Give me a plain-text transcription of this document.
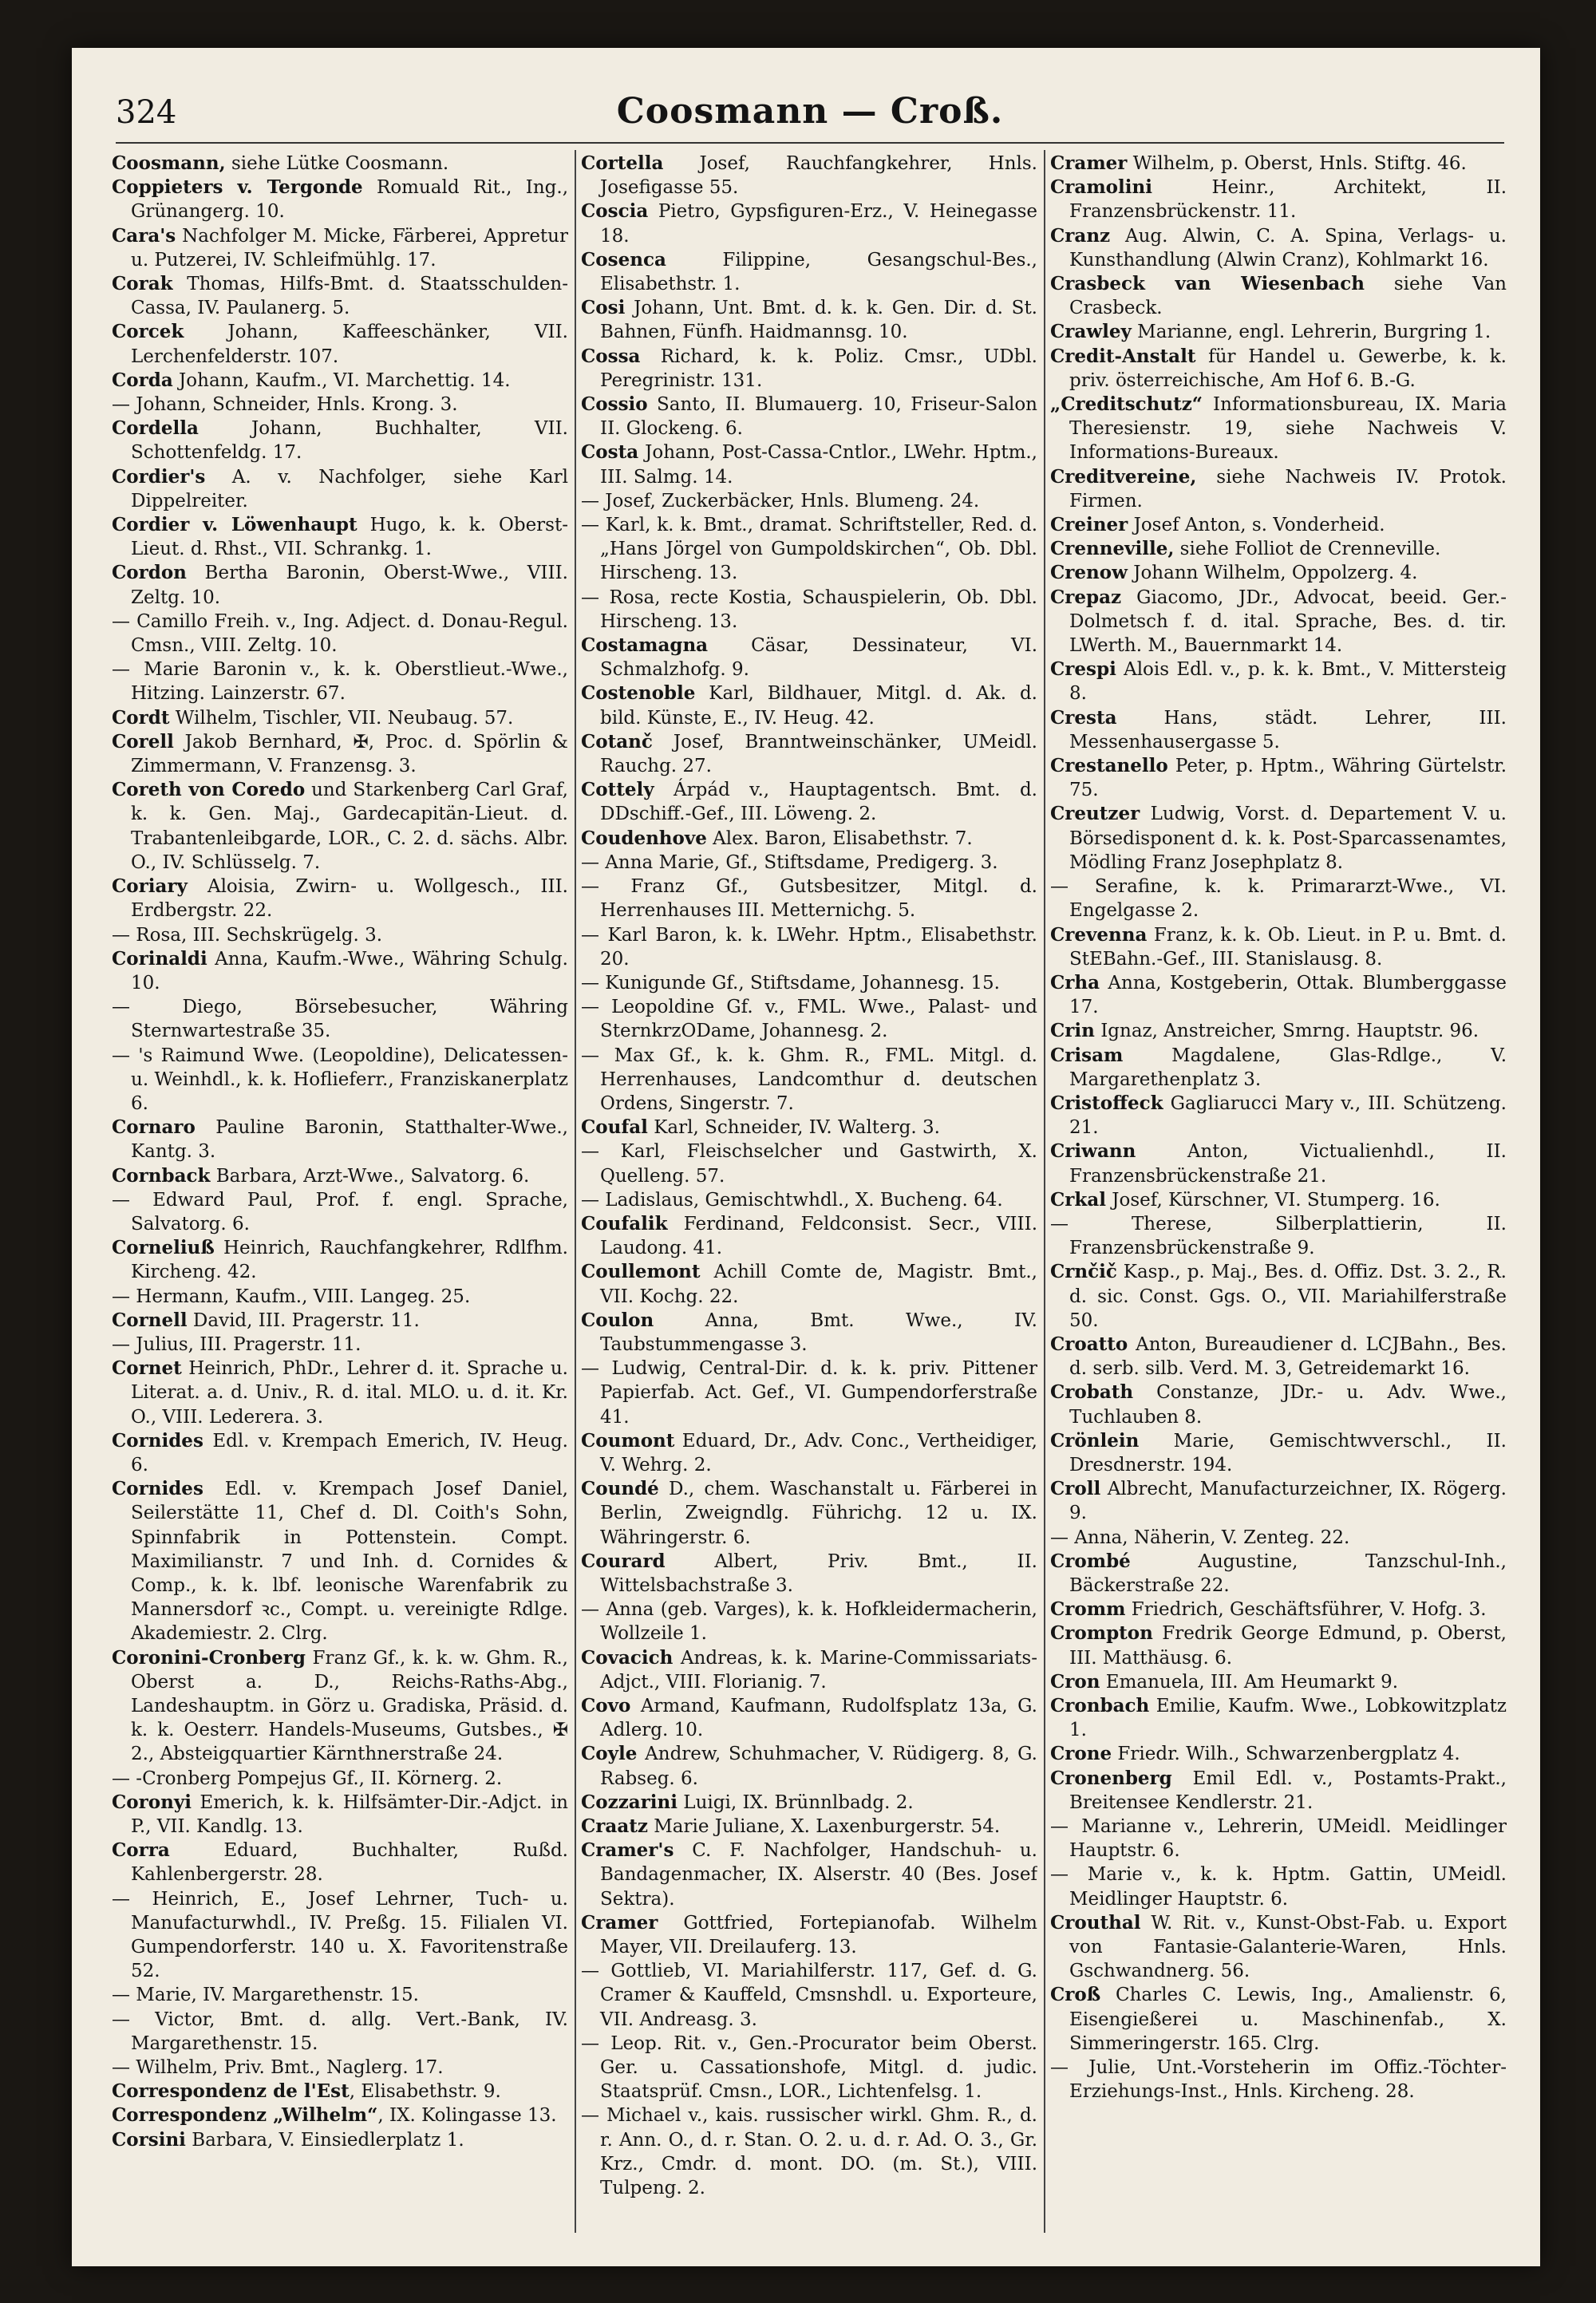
324	Coosmann — Croß.

Coosmann, siehe Lütke Coosmann.

Coppieters v. Tergonde Romuald Rit., Ing., Grünangerg. 10.

Cara's Nachfolger M. Micke, Färberei, Appretur u. Putzerei, IV. Schleifmühlg. 17.

Corak Thomas, Hilfs-Bmt. d. Staatsschulden-Cassa, IV. Paulanerg. 5.

Corcek Johann, Kaffeeschänker, VII. Lerchenfelderstr. 107.

Corda Johann, Kaufm., VI. Marchettig. 14.

— Johann, Schneider, Hnls. Krong. 3.

Cordella Johann, Buchhalter, VII. Schottenfeldg. 17.

Cordier's A. v. Nachfolger, siehe Karl Dippelreiter.

Cordier v. Löwenhaupt Hugo, k. k. Oberst-Lieut. d. Rhst., VII. Schrankg. 1.

Cordon Bertha Baronin, Oberst-Wwe., VIII. Zeltg. 10.

— Camillo Freih. v., Ing. Adject. d. Donau-Regul. Cmsn., VIII. Zeltg. 10.

— Marie Baronin v., k. k. Oberstlieut.-Wwe., Hitzing. Lainzerstr. 67.

Cordt Wilhelm, Tischler, VII. Neubaug. 57.

Corell Jakob Bernhard, ✠, Proc. d. Spörlin & Zimmermann, V. Franzensg. 3.

Coreth von Coredo und Starkenberg Carl Graf, k. k. Gen. Maj., Gardecapitän-Lieut. d. Trabantenleibgarde, LOR., C. 2. d. sächs. Albr. O., IV. Schlüsselg. 7.

Coriary Aloisia, Zwirn- u. Wollgesch., III. Erdbergstr. 22.

— Rosa, III. Sechskrügelg. 3.

Corinaldi Anna, Kaufm.-Wwe., Währing Schulg. 10.

— Diego, Börsebesucher, Währing Sternwartestraße 35.

— 's Raimund Wwe. (Leopoldine), Delicatessen- u. Weinhdl., k. k. Hoflieferr., Franziskanerplatz 6.

Cornaro Pauline Baronin, Statthalter-Wwe., Kantg. 3.

Cornback Barbara, Arzt-Wwe., Salvatorg. 6.

— Edward Paul, Prof. f. engl. Sprache, Salvatorg. 6.

Corneliuß Heinrich, Rauchfangkehrer, Rdlfhm. Kircheng. 42.

— Hermann, Kaufm., VIII. Langeg. 25.

Cornell David, III. Pragerstr. 11.

— Julius, III. Pragerstr. 11.

Cornet Heinrich, PhDr., Lehrer d. it. Sprache u. Literat. a. d. Univ., R. d. ital. MLO. u. d. it. Kr. O., VIII. Lederera. 3.

Cornides Edl. v. Krempach Emerich, IV. Heug. 6.

Cornides Edl. v. Krempach Josef Daniel, Seilerstätte 11, Chef d. Dl. Coith's Sohn, Spinnfabrik in Pottenstein. Compt. Maximilianstr. 7 und Inh. d. Cornides & Comp., k. k. lbf. leonische Warenfabrik zu Mannersdorf ꝛc., Compt. u. vereinigte Rdlge. Akademiestr. 2. Clrg.

Coronini-Cronberg Franz Gf., k. k. w. Ghm. R., Oberst a. D., Reichs-Raths-Abg., Landeshauptm. in Görz u. Gradiska, Präsid. d. k. k. Oesterr. Handels-Museums, Gutsbes., ✠ 2., Absteigquartier Kärnthnerstraße 24.

— -Cronberg Pompejus Gf., II. Körnerg. 2.

Coronyi Emerich, k. k. Hilfsämter-Dir.-Adjct. in P., VII. Kandlg. 13.

Corra Eduard, Buchhalter, Rußd. Kahlenbergerstr. 28.

— Heinrich, E., Josef Lehrner, Tuch- u. Manufacturwhdl., IV. Preßg. 15. Filialen VI. Gumpendorferstr. 140 u. X. Favoritenstraße 52.

— Marie, IV. Margarethenstr. 15.

— Victor, Bmt. d. allg. Vert.-Bank, IV. Margarethenstr. 15.

— Wilhelm, Priv. Bmt., Naglerg. 17.

Correspondenz de l'Est, Elisabethstr. 9.

Correspondenz „Wilhelm“, IX. Kolingasse 13.

Corsini Barbara, V. Einsiedlerplatz 1.

Cortella Josef, Rauchfangkehrer, Hnls. Josefigasse 55.

Coscia Pietro, Gypsfiguren-Erz., V. Heinegasse 18.

Cosenca Filippine, Gesangschul-Bes., Elisabethstr. 1.

Cosi Johann, Unt. Bmt. d. k. k. Gen. Dir. d. St. Bahnen, Fünfh. Haidmannsg. 10.

Cossa Richard, k. k. Poliz. Cmsr., UDbl. Peregrinistr. 131.

Cossio Santo, II. Blumauerg. 10, Friseur-Salon II. Glockeng. 6.

Costa Johann, Post-Cassa-Cntlor., LWehr. Hptm., III. Salmg. 14.

— Josef, Zuckerbäcker, Hnls. Blumeng. 24.

— Karl, k. k. Bmt., dramat. Schriftsteller, Red. d. „Hans Jörgel von Gumpoldskirchen“, Ob. Dbl. Hirscheng. 13.

— Rosa, recte Kostia, Schauspielerin, Ob. Dbl. Hirscheng. 13.

Costamagna Cäsar, Dessinateur, VI. Schmalzhofg. 9.

Costenoble Karl, Bildhauer, Mitgl. d. Ak. d. bild. Künste, E., IV. Heug. 42.

Cotanč Josef, Branntweinschänker, UMeidl. Rauchg. 27.

Cottely Árpád v., Hauptagentsch. Bmt. d. DDschiff.-Gef., III. Löweng. 2.

Coudenhove Alex. Baron, Elisabethstr. 7.

— Anna Marie, Gf., Stiftsdame, Predigerg. 3.

— Franz Gf., Gutsbesitzer, Mitgl. d. Herrenhauses III. Metternichg. 5.

— Karl Baron, k. k. LWehr. Hptm., Elisabethstr. 20.

— Kunigunde Gf., Stiftsdame, Johannesg. 15.

— Leopoldine Gf. v., FML. Wwe., Palast- und SternkrzODame, Johannesg. 2.

— Max Gf., k. k. Ghm. R., FML. Mitgl. d. Herrenhauses, Landcomthur d. deutschen Ordens, Singerstr. 7.

Coufal Karl, Schneider, IV. Walterg. 3.

— Karl, Fleischselcher und Gastwirth, X. Quelleng. 57.

— Ladislaus, Gemischtwhdl., X. Bucheng. 64.

Coufalik Ferdinand, Feldconsist. Secr., VIII. Laudong. 41.

Coullemont Achill Comte de, Magistr. Bmt., VII. Kochg. 22.

Coulon Anna, Bmt. Wwe., IV. Taubstummengasse 3.

— Ludwig, Central-Dir. d. k. k. priv. Pittener Papierfab. Act. Gef., VI. Gumpendorferstraße 41.

Coumont Eduard, Dr., Adv. Conc., Vertheidiger, V. Wehrg. 2.

Coundé D., chem. Waschanstalt u. Färberei in Berlin, Zweigndlg. Führichg. 12 u. IX. Währingerstr. 6.

Courard Albert, Priv. Bmt., II. Wittelsbachstraße 3.

— Anna (geb. Varges), k. k. Hofkleidermacherin, Wollzeile 1.

Covacich Andreas, k. k. Marine-Commissariats-Adjct., VIII. Florianig. 7.

Covo Armand, Kaufmann, Rudolfsplatz 13a, G. Adlerg. 10.

Coyle Andrew, Schuhmacher, V. Rüdigerg. 8, G. Rabseg. 6.

Cozzarini Luigi, IX. Brünnlbadg. 2.

Craatz Marie Juliane, X. Laxenburgerstr. 54.

Cramer's C. F. Nachfolger, Handschuh- u. Bandagenmacher, IX. Alserstr. 40 (Bes. Josef Sektra).

Cramer Gottfried, Fortepianofab. Wilhelm Mayer, VII. Dreilauferg. 13.

— Gottlieb, VI. Mariahilferstr. 117, Gef. d. G. Cramer & Kauffeld, Cmsnshdl. u. Exporteure, VII. Andreasg. 3.

— Leop. Rit. v., Gen.-Procurator beim Oberst. Ger. u. Cassationshofe, Mitgl. d. judic. Staatsprüf. Cmsn., LOR., Lichtenfelsg. 1.

— Michael v., kais. russischer wirkl. Ghm. R., d. r. Ann. O., d. r. Stan. O. 2. u. d. r. Ad. O. 3., Gr. Krz., Cmdr. d. mont. DO. (m. St.), VIII. Tulpeng. 2.

Cramer Wilhelm, p. Oberst, Hnls. Stiftg. 46.

Cramolini Heinr., Architekt, II. Franzensbrückenstr. 11.

Cranz Aug. Alwin, C. A. Spina, Verlags- u. Kunsthandlung (Alwin Cranz), Kohlmarkt 16.

Crasbeck van Wiesenbach siehe Van Crasbeck.

Crawley Marianne, engl. Lehrerin, Burgring 1.

Credit-Anstalt für Handel u. Gewerbe, k. k. priv. österreichische, Am Hof 6. B.-G.

„Creditschutz“ Informationsbureau, IX. Maria Theresienstr. 19, siehe Nachweis V. Informations-Bureaux.

Creditvereine, siehe Nachweis IV. Protok. Firmen.

Creiner Josef Anton, s. Vonderheid.

Crenneville, siehe Folliot de Crenneville.

Crenow Johann Wilhelm, Oppolzerg. 4.

Crepaz Giacomo, JDr., Advocat, beeid. Ger.-Dolmetsch f. d. ital. Sprache, Bes. d. tir. LWerth. M., Bauernmarkt 14.

Crespi Alois Edl. v., p. k. k. Bmt., V. Mittersteig 8.

Cresta Hans, städt. Lehrer, III. Messenhausergasse 5.

Crestanello Peter, p. Hptm., Währing Gürtelstr. 75.

Creutzer Ludwig, Vorst. d. Departement V. u. Börsedisponent d. k. k. Post-Sparcassenamtes, Mödling Franz Josephplatz 8.

— Serafine, k. k. Primararzt-Wwe., VI. Engelgasse 2.

Crevenna Franz, k. k. Ob. Lieut. in P. u. Bmt. d. StEBahn.-Gef., III. Stanislausg. 8.

Crha Anna, Kostgeberin, Ottak. Blumberggasse 17.

Crin Ignaz, Anstreicher, Smrng. Hauptstr. 96.

Crisam Magdalene, Glas-Rdlge., V. Margarethenplatz 3.

Cristoffeck Gagliarucci Mary v., III. Schützeng. 21.

Criwann Anton, Victualienhdl., II. Franzensbrückenstraße 21.

Crkal Josef, Kürschner, VI. Stumperg. 16.

— Therese, Silberplattierin, II. Franzensbrückenstraße 9.

Crnčič Kasp., p. Maj., Bes. d. Offiz. Dst. 3. 2., R. d. sic. Const. Ggs. O., VII. Mariahilferstraße 50.

Croatto Anton, Bureaudiener d. LCJBahn., Bes. d. serb. silb. Verd. M. 3, Getreidemarkt 16.

Crobath Constanze, JDr.- u. Adv. Wwe., Tuchlauben 8.

Crönlein Marie, Gemischtwverschl., II. Dresdnerstr. 194.

Croll Albrecht, Manufacturzeichner, IX. Rögerg. 9.

— Anna, Näherin, V. Zenteg. 22.

Crombé Augustine, Tanzschul-Inh., Bäckerstraße 22.

Cromm Friedrich, Geschäftsführer, V. Hofg. 3.

Crompton Fredrik George Edmund, p. Oberst, III. Matthäusg. 6.

Cron Emanuela, III. Am Heumarkt 9.

Cronbach Emilie, Kaufm. Wwe., Lobkowitzplatz 1.

Crone Friedr. Wilh., Schwarzenbergplatz 4.

Cronenberg Emil Edl. v., Postamts-Prakt., Breitensee Kendlerstr. 21.

— Marianne v., Lehrerin, UMeidl. Meidlinger Hauptstr. 6.

— Marie v., k. k. Hptm. Gattin, UMeidl. Meidlinger Hauptstr. 6.

Crouthal W. Rit. v., Kunst-Obst-Fab. u. Export von Fantasie-Galanterie-Waren, Hnls. Gschwandnerg. 56.

Croß Charles C. Lewis, Ing., Amalienstr. 6, Eisengießerei u. Maschinenfab., X. Simmeringerstr. 165. Clrg.

— Julie, Unt.-Vorsteherin im Offiz.-Töchter-Erziehungs-Inst., Hnls. Kircheng. 28.
